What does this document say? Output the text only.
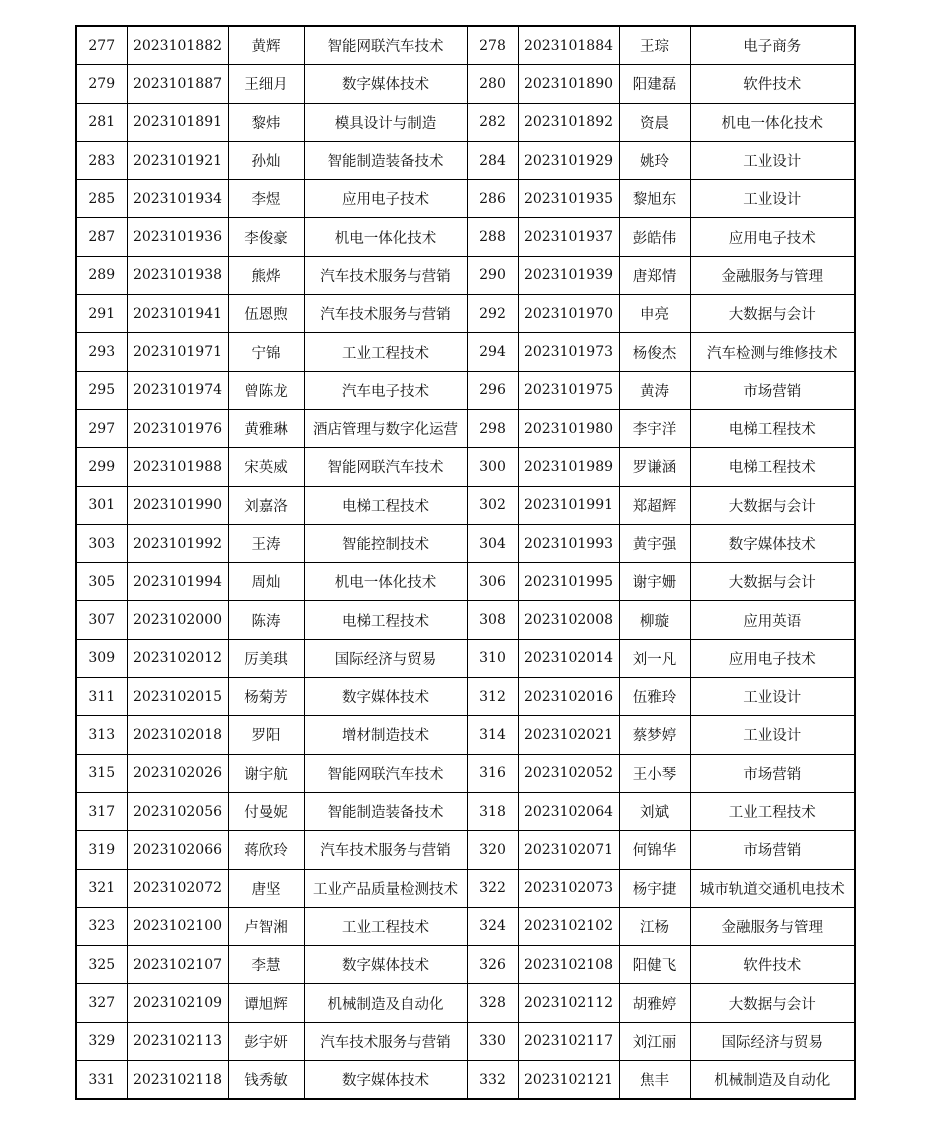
277	2023101882	黄辉	智能网联汽车技术	278	2023101884	王琮	电子商务
279	2023101887	王细月	数字媒体技术	280	2023101890	阳建磊	软件技术
281	2023101891	黎炜	模具设计与制造	282	2023101892	资晨	机电一体化技术
283	2023101921	孙灿	智能制造装备技术	284	2023101929	姚玲	工业设计
285	2023101934	李煜	应用电子技术	286	2023101935	黎旭东	工业设计
287	2023101936	李俊豪	机电一体化技术	288	2023101937	彭皓伟	应用电子技术
289	2023101938	熊烨	汽车技术服务与营销	290	2023101939	唐郑情	金融服务与管理
291	2023101941	伍恩煦	汽车技术服务与营销	292	2023101970	申亮	大数据与会计
293	2023101971	宁锦	工业工程技术	294	2023101973	杨俊杰	汽车检测与维修技术
295	2023101974	曾陈龙	汽车电子技术	296	2023101975	黄涛	市场营销
297	2023101976	黄雅琳	酒店管理与数字化运营	298	2023101980	李宇洋	电梯工程技术
299	2023101988	宋英威	智能网联汽车技术	300	2023101989	罗谦涵	电梯工程技术
301	2023101990	刘嘉洛	电梯工程技术	302	2023101991	郑超辉	大数据与会计
303	2023101992	王涛	智能控制技术	304	2023101993	黄宇强	数字媒体技术
305	2023101994	周灿	机电一体化技术	306	2023101995	谢宇姗	大数据与会计
307	2023102000	陈涛	电梯工程技术	308	2023102008	柳璇	应用英语
309	2023102012	厉美琪	国际经济与贸易	310	2023102014	刘一凡	应用电子技术
311	2023102015	杨菊芳	数字媒体技术	312	2023102016	伍雅玲	工业设计
313	2023102018	罗阳	增材制造技术	314	2023102021	蔡梦婷	工业设计
315	2023102026	谢宇航	智能网联汽车技术	316	2023102052	王小琴	市场营销
317	2023102056	付曼妮	智能制造装备技术	318	2023102064	刘斌	工业工程技术
319	2023102066	蒋欣玲	汽车技术服务与营销	320	2023102071	何锦华	市场营销
321	2023102072	唐坚	工业产品质量检测技术	322	2023102073	杨宇捷	城市轨道交通机电技术
323	2023102100	卢智湘	工业工程技术	324	2023102102	江杨	金融服务与管理
325	2023102107	李慧	数字媒体技术	326	2023102108	阳健飞	软件技术
327	2023102109	谭旭辉	机械制造及自动化	328	2023102112	胡雅婷	大数据与会计
329	2023102113	彭宇妍	汽车技术服务与营销	330	2023102117	刘江丽	国际经济与贸易
331	2023102118	钱秀敏	数字媒体技术	332	2023102121	焦丰	机械制造及自动化
